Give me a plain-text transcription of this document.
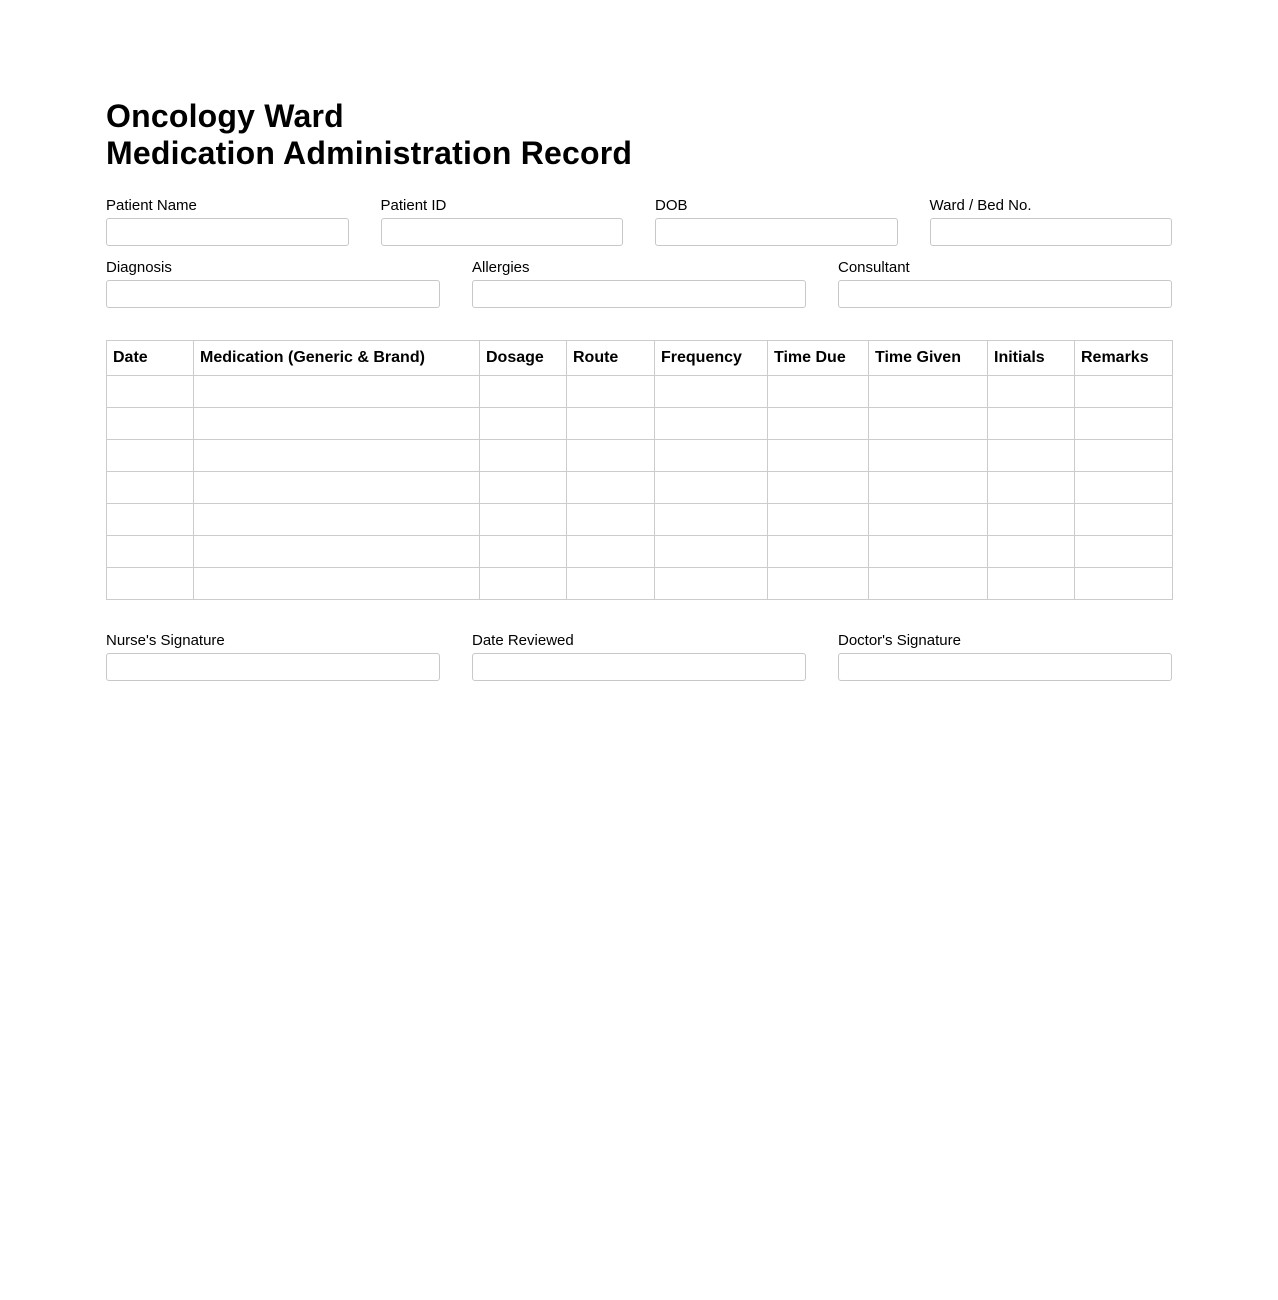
Oncology Ward
Medication Administration Record
Patient Name	Patient ID	DOB	Ward / Bed No.
Diagnosis	Allergies	Consultant
Date	Medication (Generic & Brand)	Dosage	Route	Frequency	Time Due	Time Given	Initials	Remarks

Nurse's Signature	Date Reviewed	Doctor's Signature
